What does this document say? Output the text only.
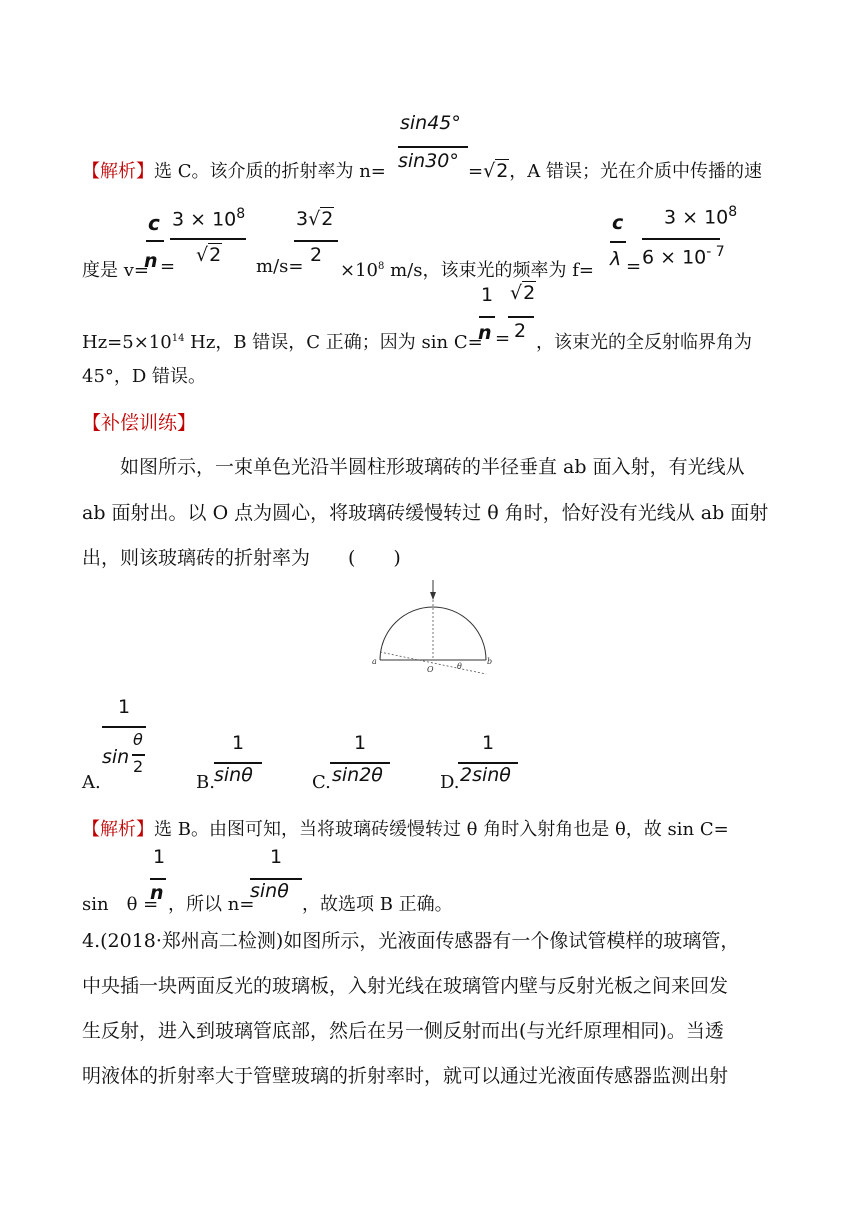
sin45°
【解析】选 C。该介质的折射率为 n= sin30° =√2，A 错误；光在介质中传播的速
c $3 \times 10^8$
√2
3√2
2
度是 v=
n =	$m/s= \times 10^8$ m/s，该束光的频率为 f=
c
λ =
$3 \times 10^8$
$6 \times 10^{- 7}$
1
n
√2
2
$Hz=5\times 10^{14}$ Hz，B 错误，C 正确；因为 sin C= = ，该束光的全反射临界角为
45°，D 错误。
【补偿训练】
如图所示，一束单色光沿半圆柱形玻璃砖的半径垂直 ab 面入射，有光线从
ab 面射出。以 O 点为圆心，将玻璃砖缓慢转过 θ 角时，恰好没有光线从 ab 面射
出，则该玻璃砖的折射率为　　(　　)
a
O	θ
b
1
sin
θ
2
A.
1
sinθ
B.
1
sin2θ
C.
1
2sinθ
D.
【解析】选 B。由图可知，当将玻璃砖缓慢转过 θ 角时入射角也是 θ，故 sin C=
1
n
1
sinθ
sin　θ = ，所以 n=	，故选项 B 正确。
4.(2018·郑州高二检测)如图所示，光液面传感器有一个像试管模样的玻璃管，
中央插一块两面反光的玻璃板，入射光线在玻璃管内壁与反射光板之间来回发
生反射，进入到玻璃管底部，然后在另一侧反射而出(与光纤原理相同)。当透
明液体的折射率大于管壁玻璃的折射率时，就可以通过光液面传感器监测出射
